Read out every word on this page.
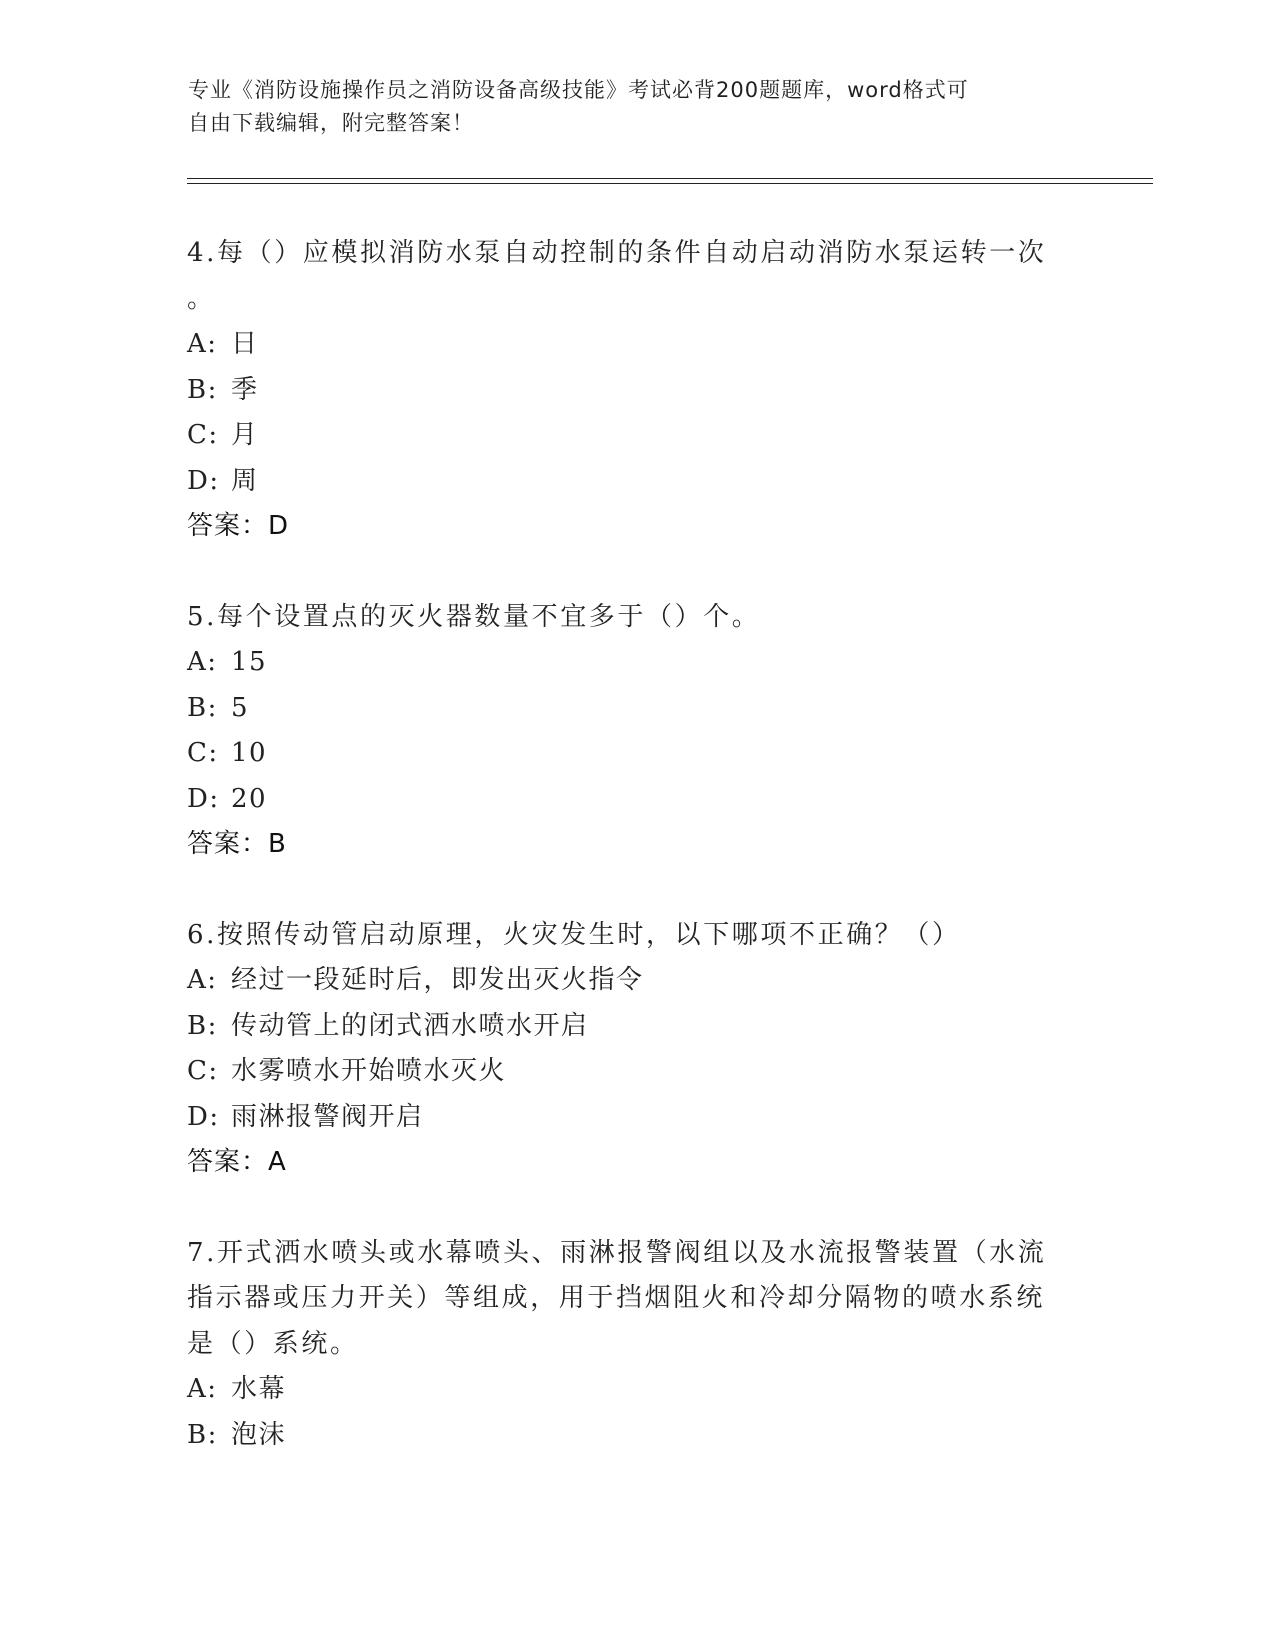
专业《消防设施操作员之消防设备高级技能》考试必背200题题库，word格式可
自由下载编辑，附完整答案！
4.每（）应模拟消防水泵自动控制的条件自动启动消防水泵运转一次
。
A: 日
B: 季
C: 月
D: 周
答案：D
5.每个设置点的灭火器数量不宜多于（）个。
A: 15
B: 5
C: 10
D: 20
答案：B
6.按照传动管启动原理，火灾发生时，以下哪项不正确？（）
A: 经过一段延时后，即发出灭火指令
B: 传动管上的闭式洒水喷水开启
C: 水雾喷水开始喷水灭火
D: 雨淋报警阀开启
答案：A
7.开式洒水喷头或水幕喷头、雨淋报警阀组以及水流报警装置（水流
指示器或压力开关）等组成，用于挡烟阻火和冷却分隔物的喷水系统
是（）系统。
A: 水幕
B: 泡沫
